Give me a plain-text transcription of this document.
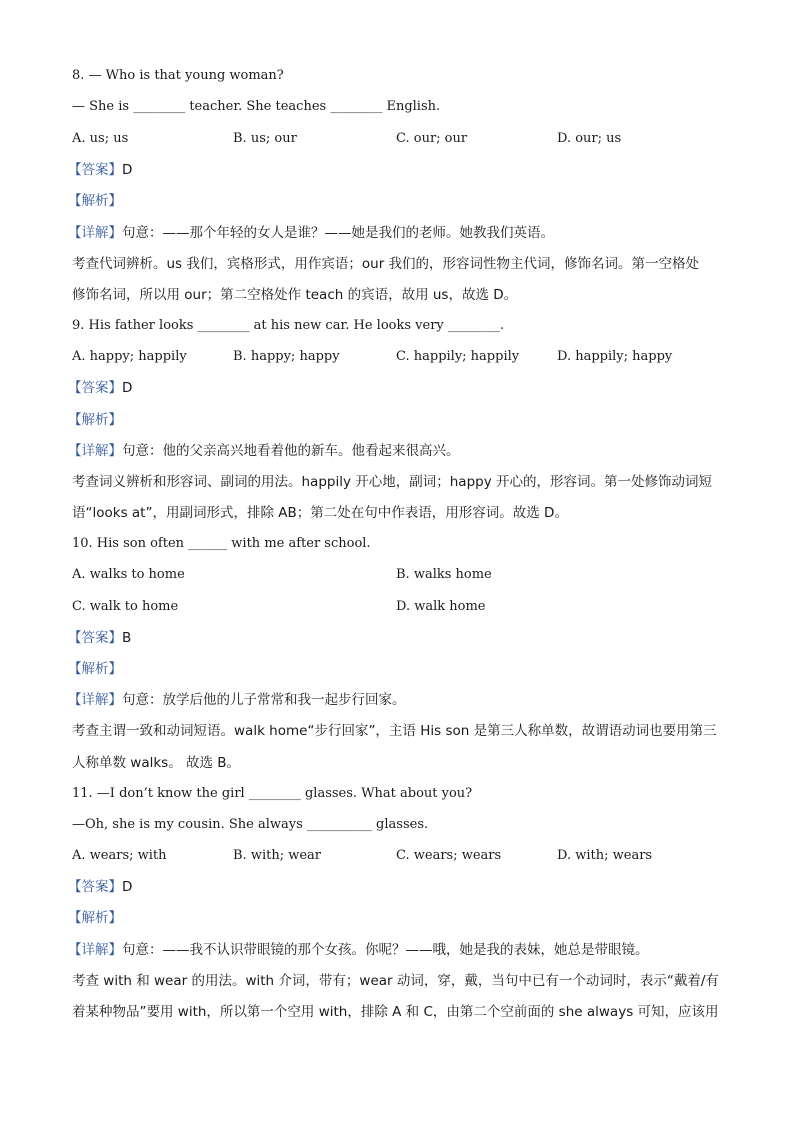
8. — Who is that young woman?
— She is ________ teacher. She teaches ________ English.
A. us; us	B. us; our	C. our; our	D. our; us
【答案】D
【解析】
【详解】句意：——那个年轻的女人是谁？——她是我们的老师。她教我们英语。
考查代词辨析。us 我们，宾格形式，用作宾语；our 我们的，形容词性物主代词，修饰名词。第一空格处
修饰名词，所以用 our；第二空格处作 teach 的宾语，故用 us，故选 D。
9. His father looks ________ at his new car. He looks very ________.
A. happy; happily	B. happy; happy	C. happily; happily	D. happily; happy
【答案】D
【解析】
【详解】句意：他的父亲高兴地看着他的新车。他看起来很高兴。
考查词义辨析和形容词、副词的用法。happily 开心地，副词；happy 开心的，形容词。第一处修饰动词短
语“looks at”，用副词形式，排除 AB；第二处在句中作表语，用形容词。故选 D。
10. His son often ______ with me after school.
A. walks to home	B. walks home
C. walk to home	D. walk home
【答案】B
【解析】
【详解】句意：放学后他的儿子常常和我一起步行回家。
考查主谓一致和动词短语。walk home“步行回家”，主语 His son 是第三人称单数，故谓语动词也要用第三
人称单数 walks。 故选 B。
11. —I don’t know the girl ________ glasses. What about you?
—Oh, she is my cousin. She always __________ glasses.
A. wears; with	B. with; wear	C. wears; wears	D. with; wears
【答案】D
【解析】
【详解】句意：——我不认识带眼镜的那个女孩。你呢？——哦，她是我的表妹，她总是带眼镜。
考查 with 和 wear 的用法。with 介词，带有；wear 动词，穿，戴，当句中已有一个动词时，表示“戴着/有
着某种物品”要用 with，所以第一个空用 with，排除 A 和 C，由第二个空前面的 she always 可知，应该用
